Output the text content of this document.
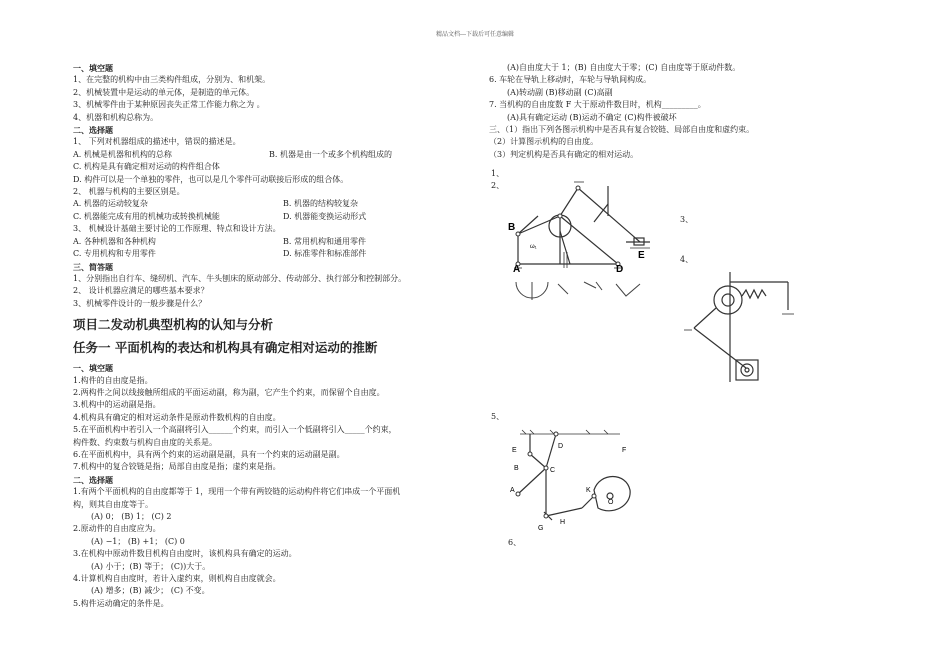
精品文档---下载后可任意编辑
一、填空题
1、在完整的机构中由三类构件组成，分别为、和机架。
2、机械装置中是运动的单元体，是制造的单元体。
3、机械零件由于某种原因丧失正常工作能力称之为 。
4、机器和机构总称为。
二、选择题
1、 下列对机器组成的描述中，错误的描述是。
A. 机械是机器和机构的总称	B. 机器是由一个或多个机构组成的
C. 机构是具有确定相对运动的构件组合体
D. 构件可以是一个单独的零件，也可以是几个零件可动联接后形成的组合体。
2、 机器与机构的主要区别是。
A. 机器的运动较复杂	B. 机器的结构较复杂
C. 机器能完成有用的机械功或转换机械能	D. 机器能变换运动形式
3、 机械设计基础主要讨论的工作原理、特点和设计方法。
A. 各种机器和各种机构	B. 常用机构和通用零件
C. 专用机构和专用零件	D. 标准零件和标准部件
三、简答题
1、分别指出自行车、缝纫机、汽车、牛头刨床的原动部分、传动部分、执行部分和控制部分。
2、 设计机器应满足的哪些基本要求？
3、机械零件设计的一般步骤是什么？
项目二发动机典型机构的认知与分析
任务一 平面机构的表达和机构具有确定相对运动的推断
一、填空题
1.构件的自由度是指。
2.两构件之间以线接触所组成的平面运动副，称为副，它产生个约束，而保留个自由度。
3.机构中的运动副是指。
4.机构具有确定的相对运动条件是原动件数机构的自由度。
5.在平面机构中若引入一个高副将引入______个约束，而引入一个低副将引入_____个约束，
构件数、约束数与机构自由度的关系是。
6.在平面机构中，具有两个约束的运动副是副，具有一个约束的运动副是副。
7.机构中的复合铰链是指；局部自由度是指；虚约束是指。
二、选择题
1.有两个平面机构的自由度都等于 1，现用一个带有两铰链的运动构件将它们串成一个平面机
构，则其自由度等于。
(A) 0； (B) 1； (C) 2
2.原动件的自由度应为。
(A) −1； (B) +1； (C) 0
3.在机构中原动件数目机构自由度时，该机构具有确定的运动。
(A) 小于；(B) 等于； (C))大于。
4.计算机构自由度时，若计入虚约束，则机构自由度就会。
(A) 增多；(B) 减少； (C) 不变。
5.构件运动确定的条件是。
(A)自由度大于 1；(B) 自由度大于零；(C) 自由度等于原动件数。
6. 车轮在导轨上移动时，车轮与导轨间构成。
(A)转动副 (B)移动副 (C)高副
7. 当机构的自由度数 F 大于原动件数目时，机构_________。
(A)具有确定运动 (B)运动不确定 (C)构件被破坏
三、（1）指出下列各图示机构中是否具有复合铰链、局部自由度和虚约束。
（2）计算图示机构的自由度。
（3）判定机构是否具有确定的相对运动。
1、
2、
3、
4、
5、
6、
B
A	D
E
ω₁
E
D
F
B	C
A
G
H
K
O
